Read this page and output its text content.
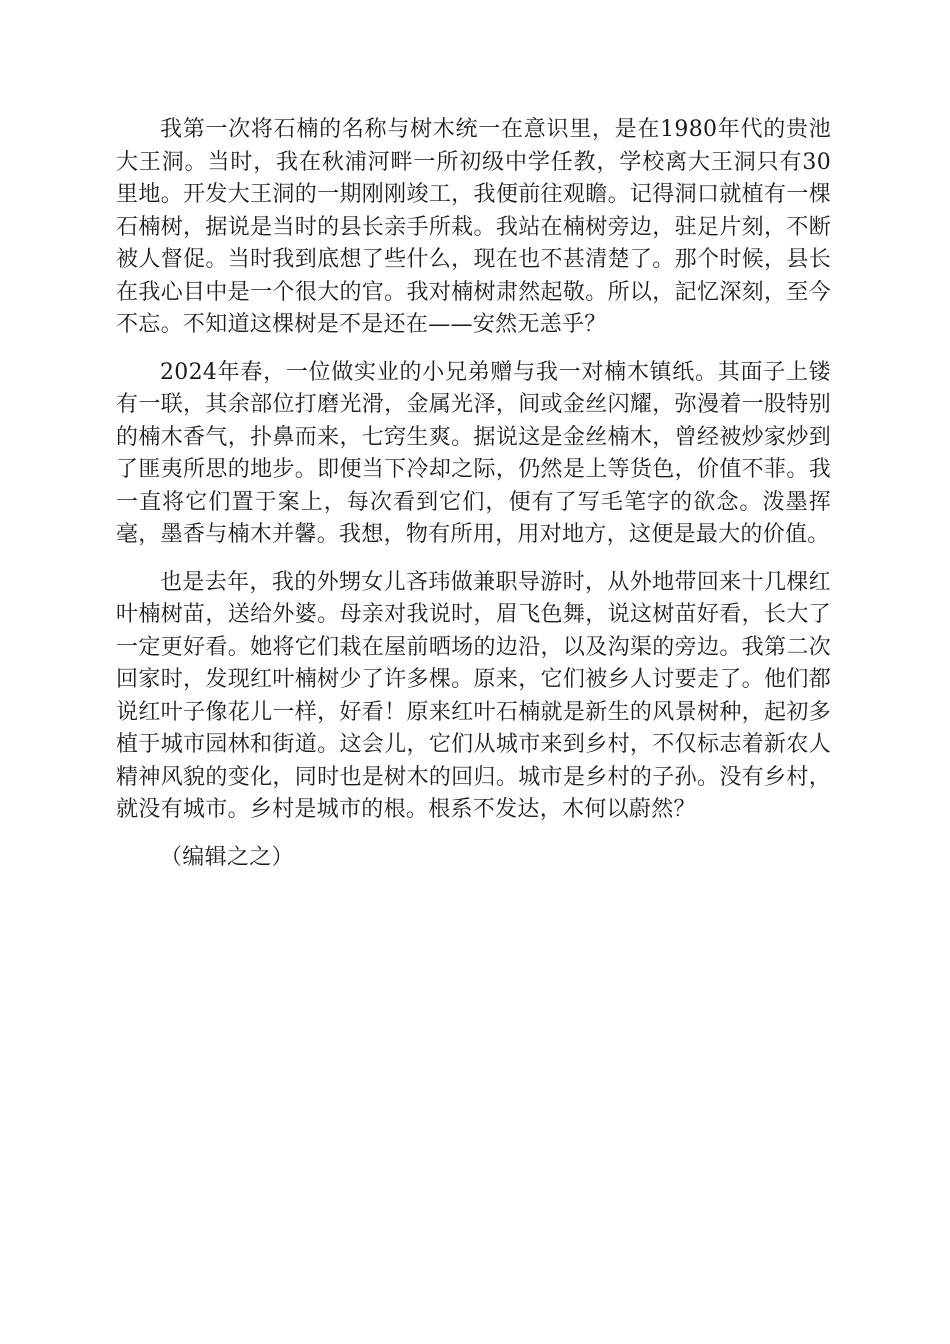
我第一次将石楠的名称与树木统一在意识里，是在1980年代的贵池大王洞。当时，我在秋浦河畔一所初级中学任教，学校离大王洞只有30里地。开发大王洞的一期刚刚竣工，我便前往观瞻。记得洞口就植有一棵石楠树，据说是当时的县长亲手所栽。我站在楠树旁边，驻足片刻，不断被人督促。当时我到底想了些什么，现在也不甚清楚了。那个时候，县长在我心目中是一个很大的官。我对楠树肃然起敬。所以，記忆深刻，至今不忘。不知道这棵树是不是还在——安然无恙乎？

2024年春，一位做实业的小兄弟赠与我一对楠木镇纸。其面子上镂有一联，其余部位打磨光滑，金属光泽，间或金丝闪耀，弥漫着一股特别的楠木香气，扑鼻而来，七窍生爽。据说这是金丝楠木，曾经被炒家炒到了匪夷所思的地步。即便当下冷却之际，仍然是上等货色，价值不菲。我一直将它们置于案上，每次看到它们，便有了写毛笔字的欲念。泼墨挥毫，墨香与楠木并馨。我想，物有所用，用对地方，这便是最大的价值。

也是去年，我的外甥女儿吝玮做兼职导游时，从外地带回来十几棵红叶楠树苗，送给外婆。母亲对我说时，眉飞色舞，说这树苗好看，长大了一定更好看。她将它们栽在屋前晒场的边沿，以及沟渠的旁边。我第二次回家时，发现红叶楠树少了许多棵。原来，它们被乡人讨要走了。他们都说红叶子像花儿一样，好看！原来红叶石楠就是新生的风景树种，起初多植于城市园林和街道。这会儿，它们从城市来到乡村，不仅标志着新农人精神风貌的变化，同时也是树木的回归。城市是乡村的子孙。没有乡村，就没有城市。乡村是城市的根。根系不发达，木何以蔚然？

（编辑之之）
